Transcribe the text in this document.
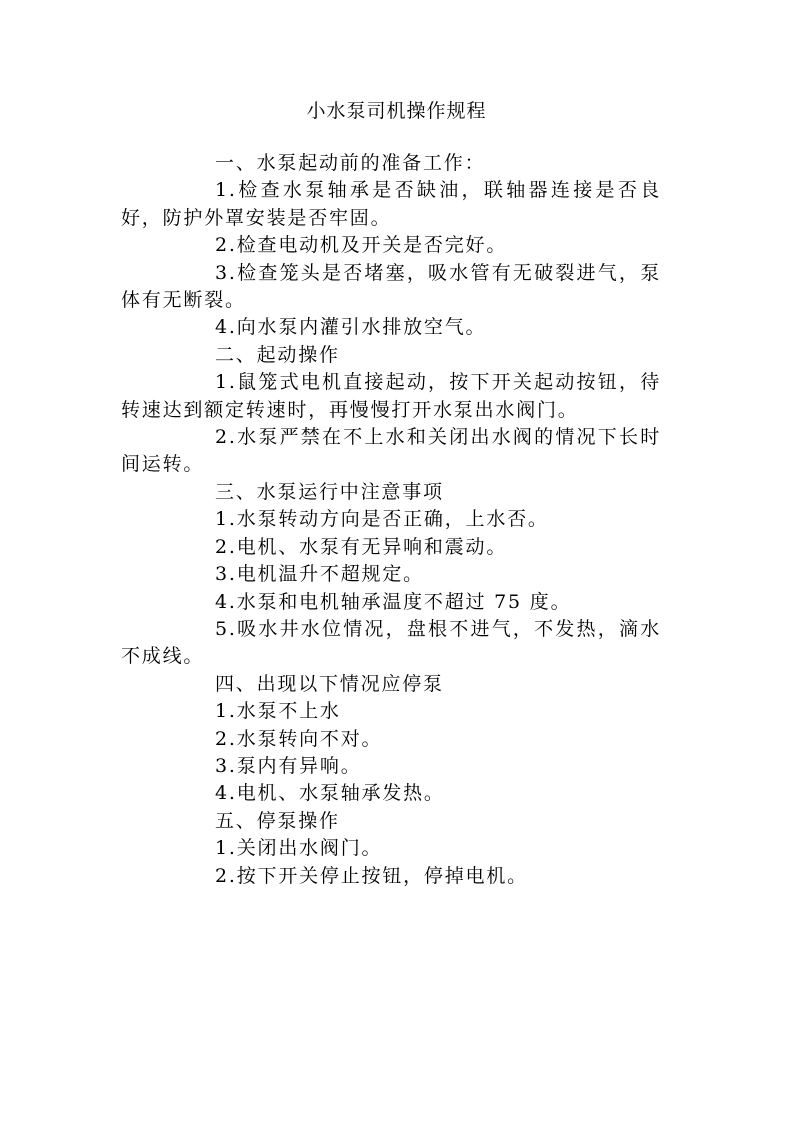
小水泵司机操作规程

一、水泵起动前的准备工作：

1.检查水泵轴承是否缺油，联轴器连接是否良好，防护外罩安装是否牢固。

2.检查电动机及开关是否完好。

3.检查笼头是否堵塞，吸水管有无破裂进气，泵体有无断裂。

4.向水泵内灌引水排放空气。

二、起动操作

1.鼠笼式电机直接起动，按下开关起动按钮，待转速达到额定转速时，再慢慢打开水泵出水阀门。

2.水泵严禁在不上水和关闭出水阀的情况下长时间运转。

三、水泵运行中注意事项

1.水泵转动方向是否正确，上水否。

2.电机、水泵有无异响和震动。

3.电机温升不超规定。

4.水泵和电机轴承温度不超过 75 度。

5.吸水井水位情况，盘根不进气，不发热，滴水不成线。

四、出现以下情况应停泵

1.水泵不上水

2.水泵转向不对。

3.泵内有异响。

4.电机、水泵轴承发热。

五、停泵操作

1.关闭出水阀门。

2.按下开关停止按钮，停掉电机。
